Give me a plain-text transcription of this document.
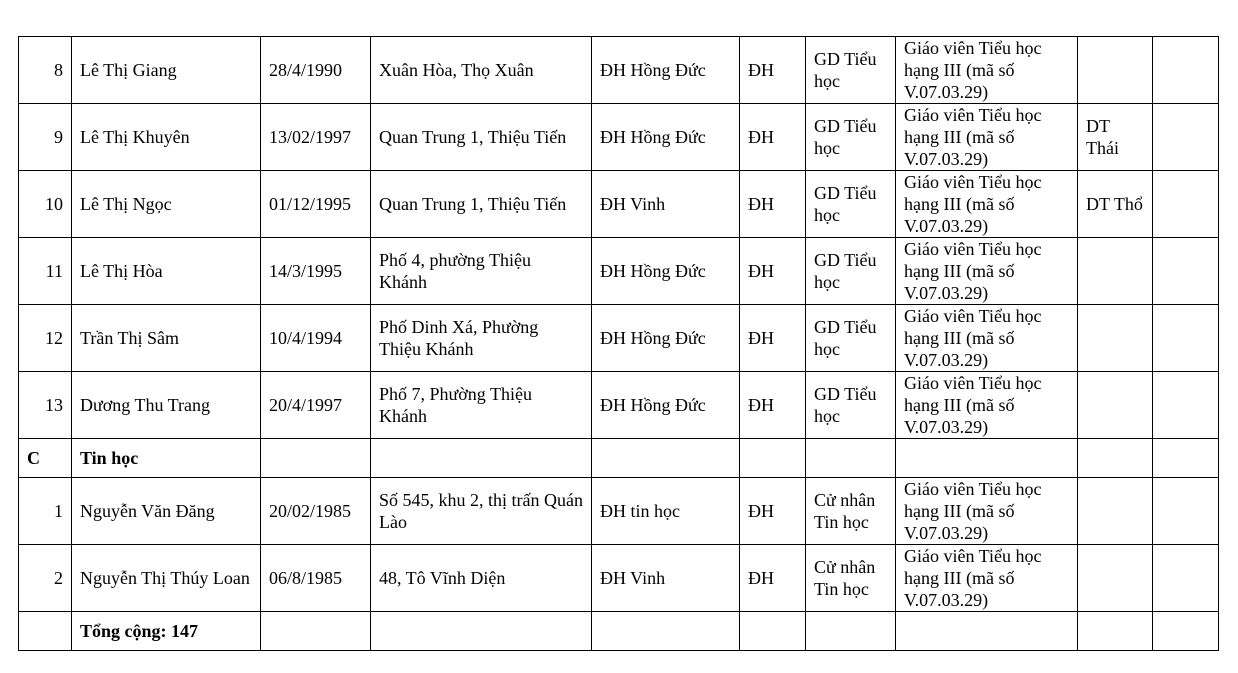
8	Lê Thị Giang	28/4/1990	Xuân Hòa, Thọ Xuân	ĐH Hồng Đức	ĐH	GD Tiểu học	Giáo viên Tiểu học hạng III (mã số V.07.03.29)		
9	Lê Thị Khuyên	13/02/1997	Quan Trung 1, Thiệu Tiến	ĐH Hồng Đức	ĐH	GD Tiểu học	Giáo viên Tiểu học hạng III (mã số V.07.03.29)	DT Thái	
10	Lê Thị Ngọc	01/12/1995	Quan Trung 1, Thiệu Tiến	ĐH Vinh	ĐH	GD Tiểu học	Giáo viên Tiểu học hạng III (mã số V.07.03.29)	DT Thổ	
11	Lê Thị Hòa	14/3/1995	Phố 4, phường Thiệu Khánh	ĐH Hồng Đức	ĐH	GD Tiểu học	Giáo viên Tiểu học hạng III (mã số V.07.03.29)		
12	Trần Thị Sâm	10/4/1994	Phố Dinh Xá, Phường Thiệu Khánh	ĐH Hồng Đức	ĐH	GD Tiểu học	Giáo viên Tiểu học hạng III (mã số V.07.03.29)		
13	Dương Thu Trang	20/4/1997	Phố 7, Phường Thiệu Khánh	ĐH Hồng Đức	ĐH	GD Tiểu học	Giáo viên Tiểu học hạng III (mã số V.07.03.29)		
C	Tin học								
1	Nguyễn Văn Đăng	20/02/1985	Số 545, khu 2, thị trấn Quán Lào	ĐH tin học	ĐH	Cử nhân Tin học	Giáo viên Tiểu học hạng III (mã số V.07.03.29)		
2	Nguyễn Thị Thúy Loan	06/8/1985	48, Tô Vĩnh Diện	ĐH Vinh	ĐH	Cử nhân Tin học	Giáo viên Tiểu học hạng III (mã số V.07.03.29)		
	Tổng cộng: 147								
